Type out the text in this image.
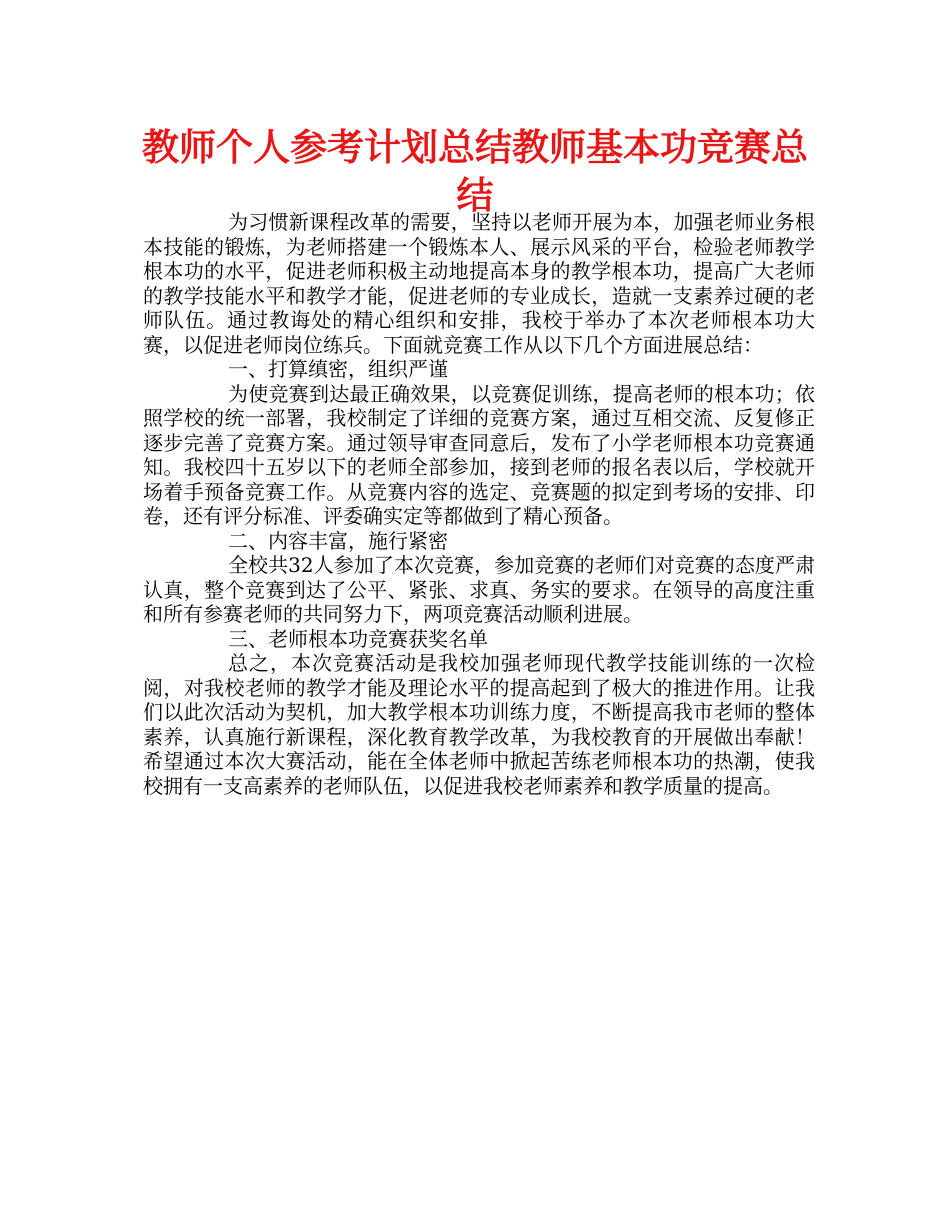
教师个人参考计划总结教师基本功竞赛总结

为习惯新课程改革的需要，坚持以老师开展为本，加强老师业务根本技能的锻炼，为老师搭建一个锻炼本人、展示风采的平台，检验老师教学根本功的水平，促进老师积极主动地提高本身的教学根本功，提高广大老师的教学技能水平和教学才能，促进老师的专业成长，造就一支素养过硬的老师队伍。通过教诲处的精心组织和安排，我校于举办了本次老师根本功大赛，以促进老师岗位练兵。下面就竞赛工作从以下几个方面进展总结：

一、打算缜密，组织严谨

为使竞赛到达最正确效果，以竞赛促训练，提高老师的根本功；依照学校的统一部署，我校制定了详细的竞赛方案，通过互相交流、反复修正逐步完善了竞赛方案。通过领导审查同意后，发布了小学老师根本功竞赛通知。我校四十五岁以下的老师全部参加，接到老师的报名表以后，学校就开场着手预备竞赛工作。从竞赛内容的选定、竞赛题的拟定到考场的安排、印卷，还有评分标准、评委确实定等都做到了精心预备。

二、内容丰富，施行紧密

全校共32人参加了本次竞赛，参加竞赛的老师们对竞赛的态度严肃认真，整个竞赛到达了公平、紧张、求真、务实的要求。在领导的高度注重和所有参赛老师的共同努力下，两项竞赛活动顺利进展。

三、老师根本功竞赛获奖名单

总之，本次竞赛活动是我校加强老师现代教学技能训练的一次检阅，对我校老师的教学才能及理论水平的提高起到了极大的推进作用。让我们以此次活动为契机，加大教学根本功训练力度，不断提高我市老师的整体素养，认真施行新课程，深化教育教学改革，为我校教育的开展做出奉献！希望通过本次大赛活动，能在全体老师中掀起苦练老师根本功的热潮，使我校拥有一支高素养的老师队伍，以促进我校老师素养和教学质量的提高。
